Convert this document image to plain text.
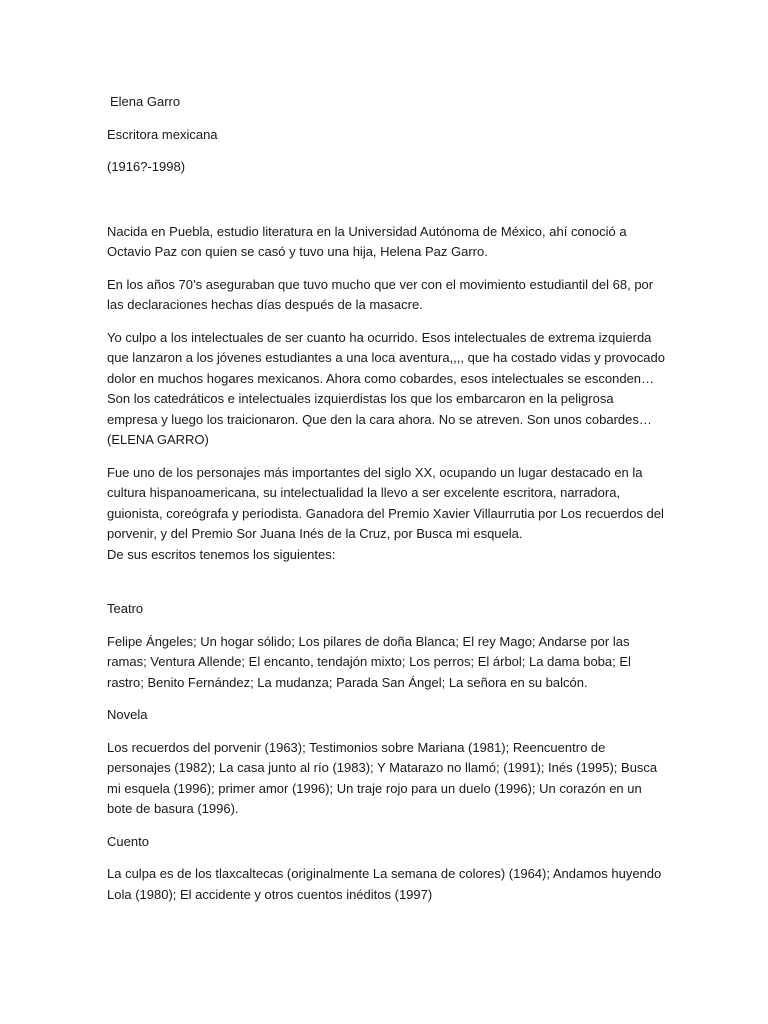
Elena Garro

Escritora mexicana

(1916?-1998)

Nacida en Puebla, estudio literatura en la Universidad Autónoma de México, ahí conoció a Octavio Paz con quien se casó y tuvo una hija, Helena Paz Garro.

En los años 70’s aseguraban que tuvo mucho que ver con el movimiento estudiantil del 68, por las declaraciones hechas días después de la masacre.

Yo culpo a los intelectuales de ser cuanto ha ocurrido. Esos intelectuales de extrema izquierda que lanzaron a los jóvenes estudiantes a una loca aventura,,,, que ha costado vidas y provocado dolor en muchos hogares mexicanos. Ahora como cobardes, esos intelectuales se esconden… Son los catedráticos e intelectuales izquierdistas los que los embarcaron en la peligrosa empresa y luego los traicionaron. Que den la cara ahora. No se atreven. Son unos cobardes… (ELENA GARRO)

Fue uno de los personajes más importantes del siglo XX, ocupando un lugar destacado en la cultura hispanoamericana, su intelectualidad la llevo a ser excelente escritora, narradora, guionista, coreógrafa y periodista. Ganadora del Premio Xavier Villaurrutia por Los recuerdos del porvenir, y del Premio Sor Juana Inés de la Cruz, por Busca mi esquela.

De sus escritos tenemos los siguientes:

Teatro

Felipe Ángeles; Un hogar sólido; Los pilares de doña Blanca; El rey Mago; Andarse por las ramas; Ventura Allende; El encanto, tendajón mixto; Los perros; El árbol; La dama boba; El rastro; Benito Fernández; La mudanza; Parada San Ángel; La señora en su balcón.

Novela

Los recuerdos del porvenir (1963); Testimonios sobre Mariana (1981); Reencuentro de personajes (1982); La casa junto al río (1983); Y Matarazo no llamó; (1991); Inés (1995); Busca mi esquela (1996); primer amor (1996); Un traje rojo para un duelo (1996); Un corazón en un bote de basura (1996).

Cuento

La culpa es de los tlaxcaltecas (originalmente La semana de colores) (1964); Andamos huyendo Lola (1980); El accidente y otros cuentos inéditos (1997)
